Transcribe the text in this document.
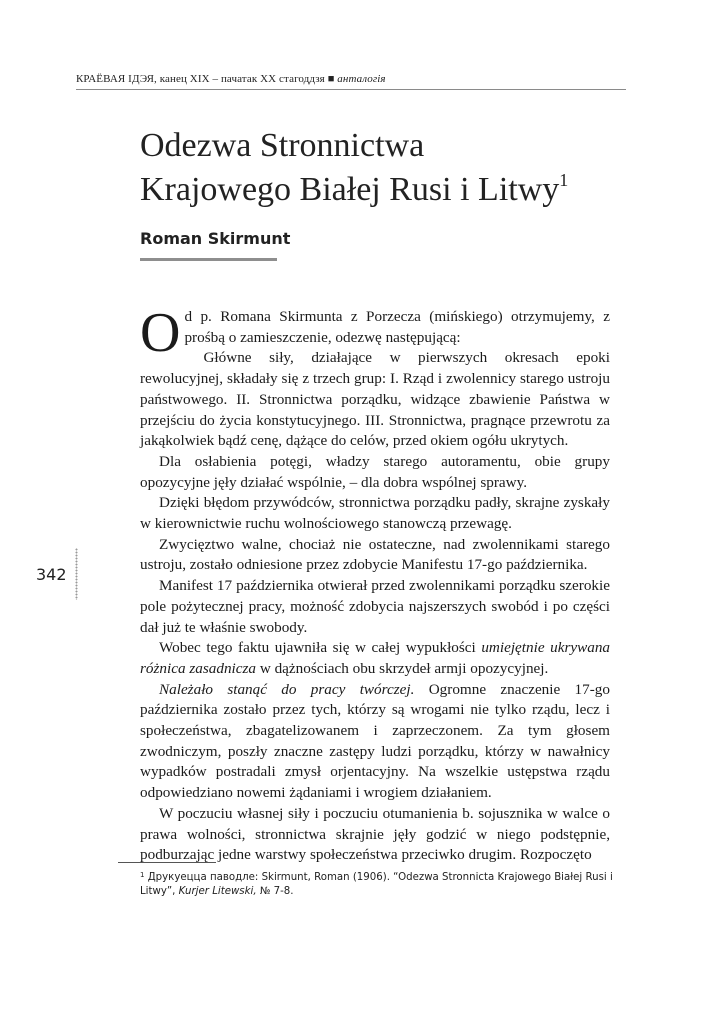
КРАЁВАЯ ІДЭЯ, канец XIX – пачатак XX стагоддзя ■ анталогія
Odezwa Stronnictwa
Krajowego Białej Rusi i Litwy$^1$
Roman Skirmunt
342

Od p. Romana Skirmunta z Porzecza (mińskiego) otrzymujemy, z prośbą o zamieszczenie, odezwę następującą:

Główne siły, działające w pierwszych okresach epoki rewolucyjnej, składały się z trzech grup: I. Rząd i zwolennicy starego ustroju państwowego. II. Stronnictwa porządku, widzące zbawienie Państwa w przejściu do życia konstytucyjnego. III. Stronnictwa, pragnące przewrotu za jakąkolwiek bądź cenę, dążące do celów, przed okiem ogółu ukrytych.

Dla osłabienia potęgi, władzy starego autoramentu, obie grupy opozycyjne jęły działać wspólnie, – dla dobra wspólnej sprawy.

Dzięki błędom przywódców, stronnictwa porządku padły, skrajne zyskały w kierownictwie ruchu wolnościowego stanowczą przewagę.

Zwycięztwo walne, chociaż nie ostateczne, nad zwolennikami starego ustroju, zostało odniesione przez zdobycie Manifestu 17-go października.

Manifest 17 października otwierał przed zwolennikami porządku szerokie pole pożytecznej pracy, możność zdobycia najszerszych swobód i po części dał już te właśnie swobody.

Wobec tego faktu ujawniła się w całej wypukłości umiejętnie ukrywana różnica zasadnicza w dążnościach obu skrzydeł armji opozycyjnej.

Należało stanąć do pracy twórczej. Ogromne znaczenie 17-go października zostało przez tych, którzy są wrogami nie tylko rządu, lecz i społeczeństwa, zbagatelizowanem i zaprzeczonem. Za tym głosem zwodniczym, poszły znaczne zastępy ludzi porządku, którzy w nawałnicy wypadków postradali zmysł orjentacyjny. Na wszelkie ustępstwa rządu odpowiedziano nowemi żądaniami i wrogiem działaniem.

W poczuciu własnej siły i poczuciu otumanienia b. sojusznika w walce o prawa wolności, stronnictwa skrajnie jęły godzić w niego podstępnie, podburzając jedne warstwy społeczeństwa przeciwko drugim. Rozpoczęto

$^1$ Друкуецца паводле: Skirmunt, Roman (1906). “Odezwa Stronnicta Krajowego Białej Rusi i Litwy”, Kurjer Litewski, № 7-8.
